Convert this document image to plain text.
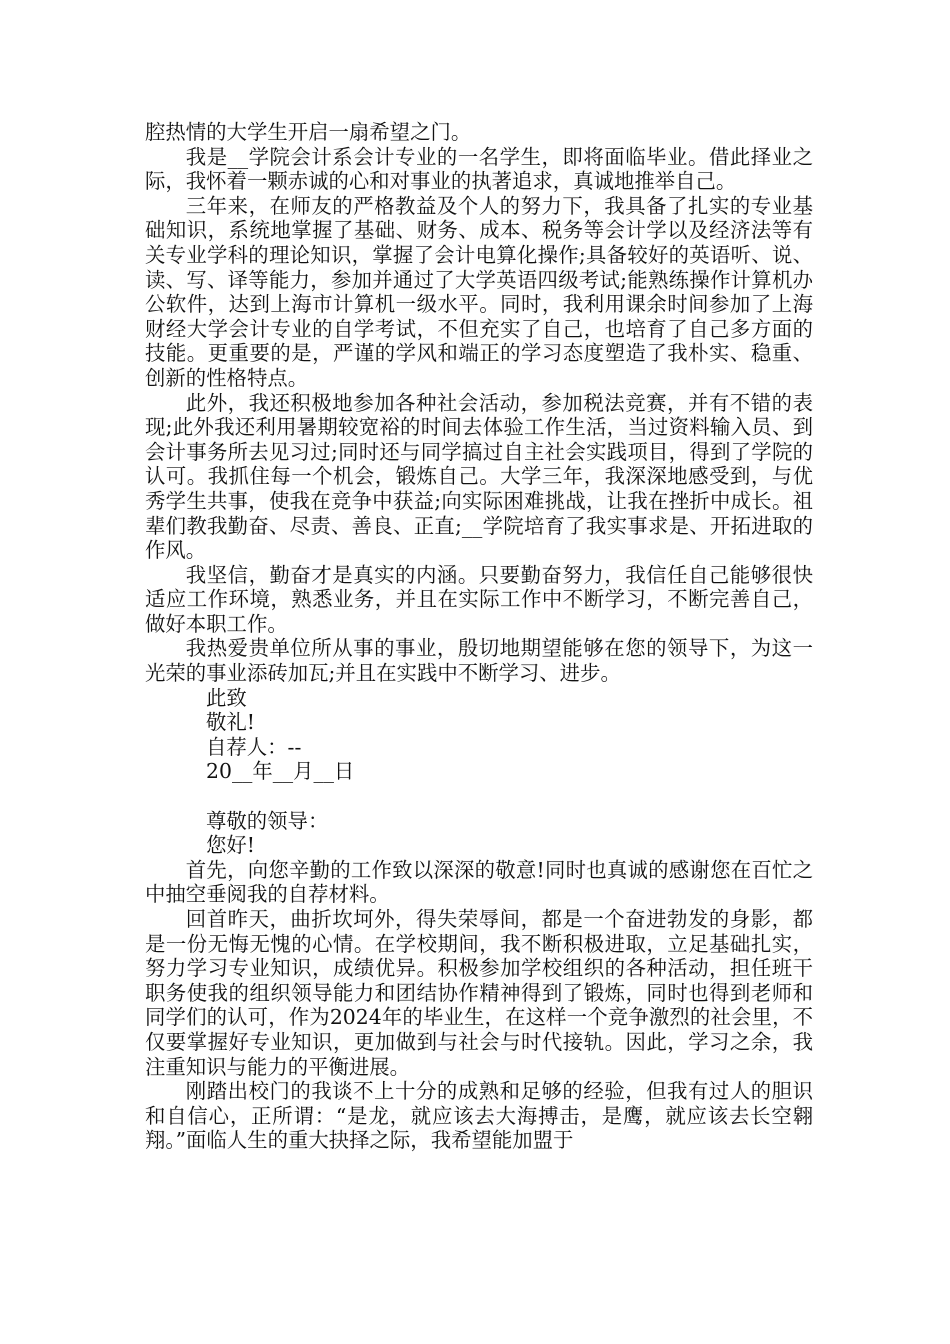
腔热情的大学生开启一扇希望之门。

我是__学院会计系会计专业的一名学生，即将面临毕业。借此择业之际，我怀着一颗赤诚的心和对事业的执著追求，真诚地推举自己。

三年来，在师友的严格教益及个人的努力下，我具备了扎实的专业基础知识，系统地掌握了基础、财务、成本、税务等会计学以及经济法等有关专业学科的理论知识，掌握了会计电算化操作;具备较好的英语听、说、读、写、译等能力，参加并通过了大学英语四级考试;能熟练操作计算机办公软件，达到上海市计算机一级水平。同时，我利用课余时间参加了上海财经大学会计专业的自学考试，不但充实了自己，也培育了自己多方面的技能。更重要的是，严谨的学风和端正的学习态度塑造了我朴实、稳重、创新的性格特点。

此外，我还积极地参加各种社会活动，参加税法竞赛，并有不错的表现;此外我还利用暑期较宽裕的时间去体验工作生活，当过资料输入员、到会计事务所去见习过;同时还与同学搞过自主社会实践项目，得到了学院的认可。我抓住每一个机会，锻炼自己。大学三年，我深深地感受到，与优秀学生共事，使我在竞争中获益;向实际困难挑战，让我在挫折中成长。祖辈们教我勤奋、尽责、善良、正直;__学院培育了我实事求是、开拓进取的作风。

我坚信，勤奋才是真实的内涵。只要勤奋努力，我信任自己能够很快适应工作环境，熟悉业务，并且在实际工作中不断学习，不断完善自己，做好本职工作。

我热爱贵单位所从事的事业，殷切地期望能够在您的领导下，为这一光荣的事业添砖加瓦;并且在实践中不断学习、进步。

此致

敬礼!

自荐人：--

20__年__月__日

尊敬的领导：

您好!

首先，向您辛勤的工作致以深深的敬意!同时也真诚的感谢您在百忙之中抽空垂阅我的自荐材料。

回首昨天，曲折坎坷外，得失荣辱间，都是一个奋进勃发的身影，都是一份无悔无愧的心情。在学校期间，我不断积极进取，立足基础扎实，努力学习专业知识，成绩优异。积极参加学校组织的各种活动，担任班干职务使我的组织领导能力和团结协作精神得到了锻炼，同时也得到老师和同学们的认可，作为2024年的毕业生，在这样一个竞争激烈的社会里，不仅要掌握好专业知识，更加做到与社会与时代接轨。因此，学习之余，我注重知识与能力的平衡进展。

刚踏出校门的我谈不上十分的成熟和足够的经验，但我有过人的胆识和自信心，正所谓：“是龙，就应该去大海搏击，是鹰，就应该去长空翱翔。”面临人生的重大抉择之际，我希望能加盟于
